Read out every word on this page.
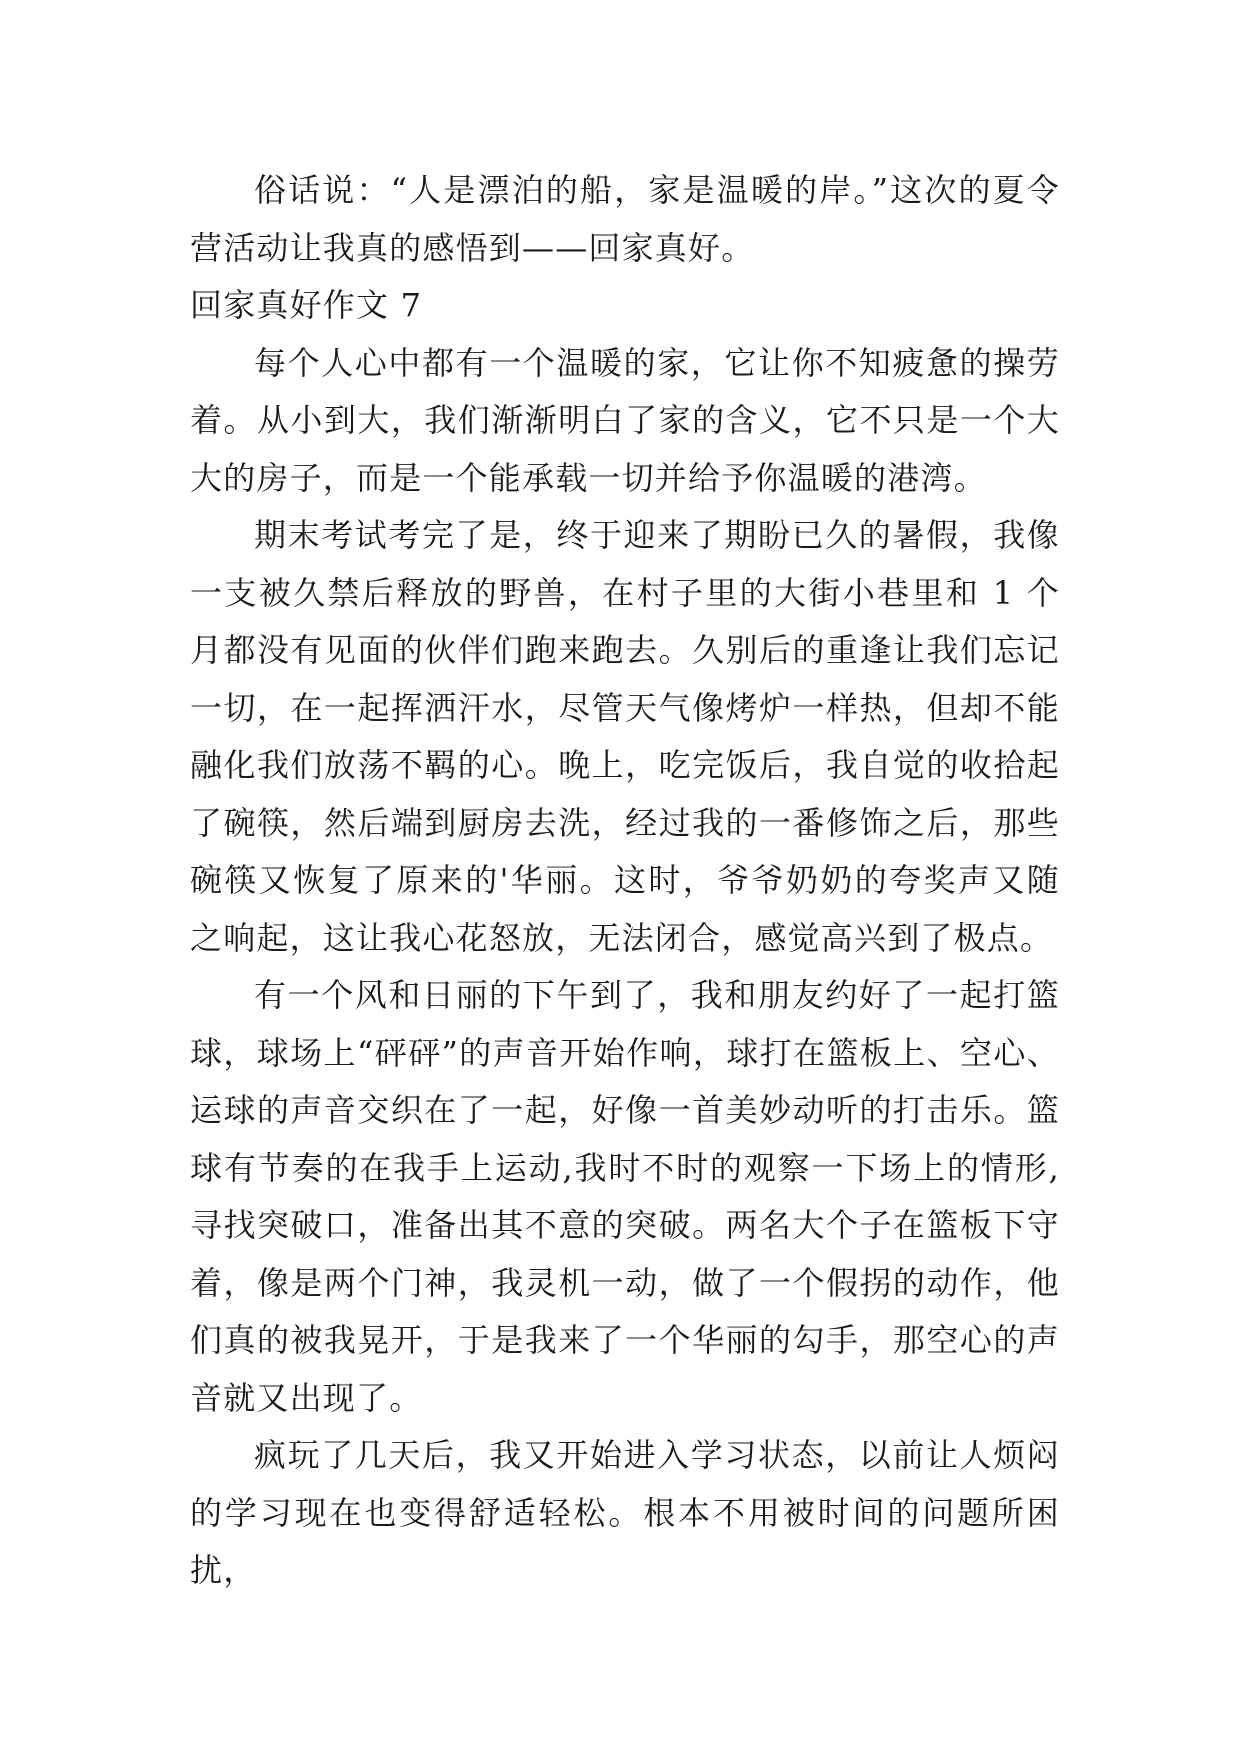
俗话说：“人是漂泊的船，家是温暖的岸。”这次的夏令营活动让我真的感悟到——回家真好。

回家真好作文 7

每个人心中都有一个温暖的家，它让你不知疲惫的操劳着。从小到大，我们渐渐明白了家的含义，它不只是一个大大的房子，而是一个能承载一切并给予你温暖的港湾。

期末考试考完了是，终于迎来了期盼已久的暑假，我像一支被久禁后释放的野兽，在村子里的大街小巷里和 1 个月都没有见面的伙伴们跑来跑去。久别后的重逢让我们忘记一切，在一起挥洒汗水，尽管天气像烤炉一样热，但却不能融化我们放荡不羁的心。晚上，吃完饭后，我自觉的收拾起了碗筷，然后端到厨房去洗，经过我的一番修饰之后，那些碗筷又恢复了原来的'华丽。这时，爷爷奶奶的夸奖声又随之响起，这让我心花怒放，无法闭合，感觉高兴到了极点。

有一个风和日丽的下午到了，我和朋友约好了一起打篮球，球场上“砰砰”的声音开始作响，球打在篮板上、空心、运球的声音交织在了一起，好像一首美妙动听的打击乐。篮球有节奏的在我手上运动,我时不时的观察一下场上的情形,寻找突破口，准备出其不意的突破。两名大个子在篮板下守着，像是两个门神，我灵机一动，做了一个假拐的动作，他们真的被我晃开，于是我来了一个华丽的勾手，那空心的声音就又出现了。

疯玩了几天后，我又开始进入学习状态，以前让人烦闷的学习现在也变得舒适轻松。根本不用被时间的问题所困扰，
